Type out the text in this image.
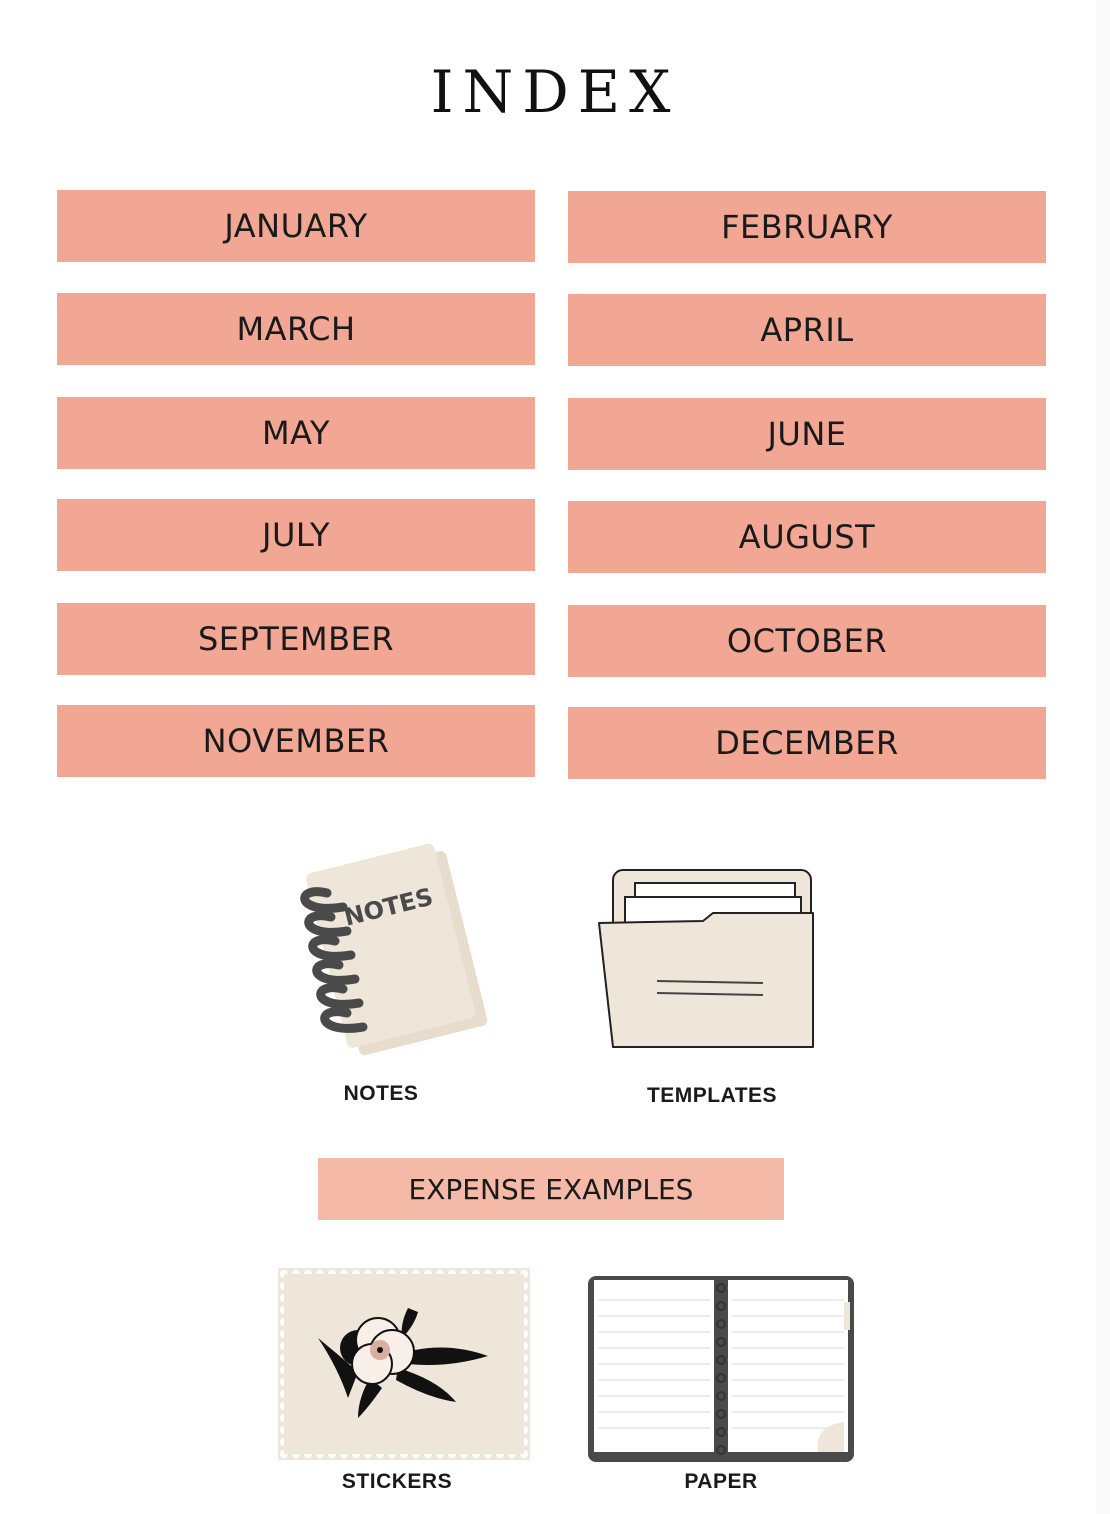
INDEX
JANUARY	FEBRUARY
MARCH	APRIL
MAY	JUNE
JULY	AUGUST
SEPTEMBER	OCTOBER
NOVEMBER	DECEMBER
NOTES
NOTES	TEMPLATES
EXPENSE EXAMPLES
STICKERS	PAPER
